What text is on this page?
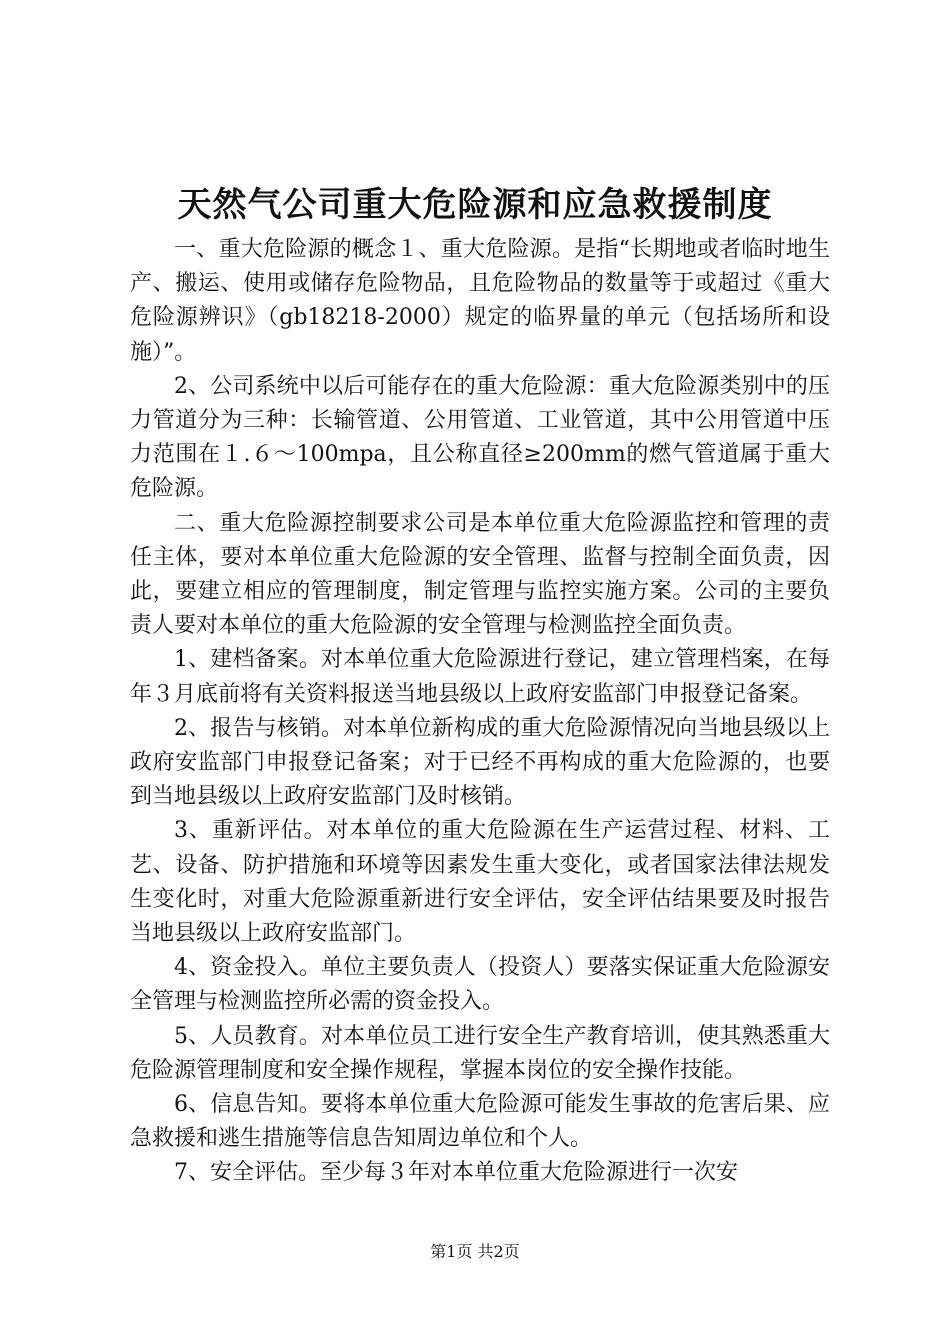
天然气公司重大危险源和应急救援制度

一、重大危险源的概念１、重大危险源。是指“长期地或者临时地生产、搬运、使用或储存危险物品，且危险物品的数量等于或超过《重大危险源辨识》（gb18218-2000）规定的临界量的单元（包括场所和设施）”。

2、公司系统中以后可能存在的重大危险源：重大危险源类别中的压力管道分为三种：长输管道、公用管道、工业管道，其中公用管道中压力范围在１.６～100mpa，且公称直径≥200mm的燃气管道属于重大危险源。

二、重大危险源控制要求公司是本单位重大危险源监控和管理的责任主体，要对本单位重大危险源的安全管理、监督与控制全面负责，因此，要建立相应的管理制度，制定管理与监控实施方案。公司的主要负责人要对本单位的重大危险源的安全管理与检测监控全面负责。

1、建档备案。对本单位重大危险源进行登记，建立管理档案，在每年３月底前将有关资料报送当地县级以上政府安监部门申报登记备案。

2、报告与核销。对本单位新构成的重大危险源情况向当地县级以上政府安监部门申报登记备案；对于已经不再构成的重大危险源的，也要到当地县级以上政府安监部门及时核销。

3、重新评估。对本单位的重大危险源在生产运营过程、材料、工艺、设备、防护措施和环境等因素发生重大变化，或者国家法律法规发生变化时，对重大危险源重新进行安全评估，安全评估结果要及时报告当地县级以上政府安监部门。

4、资金投入。单位主要负责人（投资人）要落实保证重大危险源安全管理与检测监控所必需的资金投入。

5、人员教育。对本单位员工进行安全生产教育培训，使其熟悉重大危险源管理制度和安全操作规程，掌握本岗位的安全操作技能。

6、信息告知。要将本单位重大危险源可能发生事故的危害后果、应急救援和逃生措施等信息告知周边单位和个人。

7、安全评估。至少每３年对本单位重大危险源进行一次安

第1页 共2页
